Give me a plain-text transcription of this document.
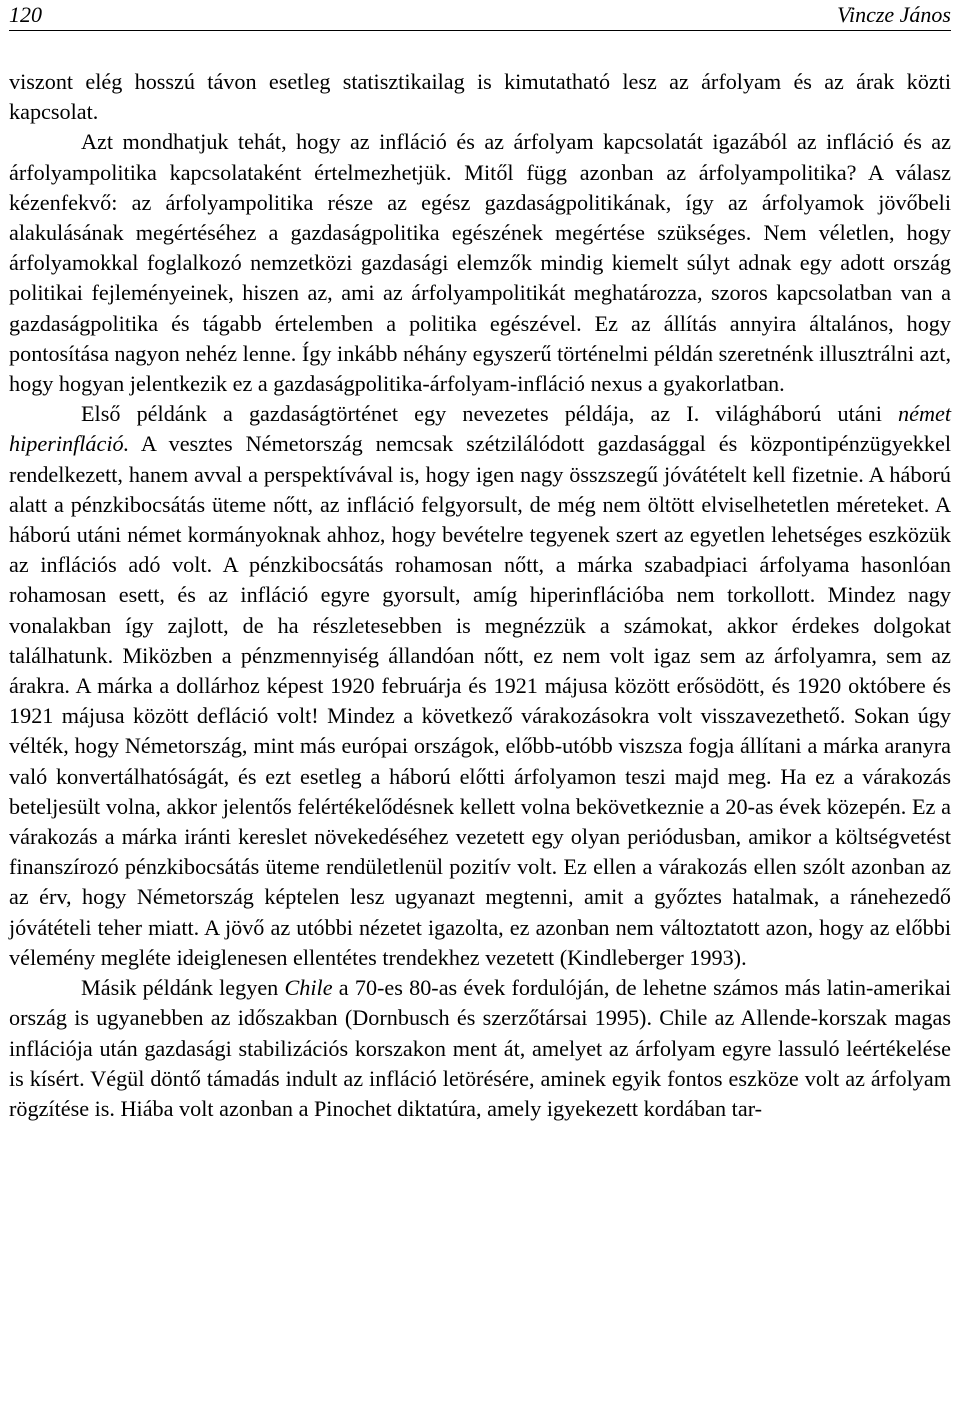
120	Vincze János

viszont elég hosszú távon esetleg statisztikailag is kimutatható lesz az árfolyam és az árak közti kapcsolat.

Azt mondhatjuk tehát, hogy az infláció és az árfolyam kapcsolatát igazából az infláció és az árfolyampolitika kapcsolataként értelmezhetjük. Mitől függ azonban az árfolyampolitika? A válasz kézenfekvő: az árfolyampolitika része az egész gazdaságpolitikának, így az árfolyamok jövőbeli alakulásának megértéséhez a gazdaságpolitika egészének megértése szükséges. Nem véletlen, hogy árfolyamokkal foglalkozó nemzetközi gazdasági elemzők mindig kiemelt súlyt adnak egy adott ország politikai fejleményeinek, hiszen az, ami az árfolyampolitikát meghatározza, szoros kapcsolatban van a gazdaságpolitika és tágabb értelemben a politika egészével. Ez az állítás annyira általános, hogy pontosítása nagyon nehéz lenne. Így inkább néhány egyszerű történelmi példán szeretnénk illusztrálni azt, hogy hogyan jelentkezik ez a gazdaságpolitika-árfolyam-infláció nexus a gyakorlatban.

Első példánk a gazdaságtörténet egy nevezetes példája, az I. világháború utáni német hiperinfláció. A vesztes Németország nemcsak szétzilálódott gazdasággal és központipénzügyekkel rendelkezett, hanem avval a perspektívával is, hogy igen nagy összszegű jóvátételt kell fizetnie. A háború alatt a pénzkibocsátás üteme nőtt, az infláció felgyorsult, de még nem öltött elviselhetetlen méreteket. A háború utáni német kormányoknak ahhoz, hogy bevételre tegyenek szert az egyetlen lehetséges eszközük az inflációs adó volt. A pénzkibocsátás rohamosan nőtt, a márka szabadpiaci árfolyama hasonlóan rohamosan esett, és az infláció egyre gyorsult, amíg hiperinflációba nem torkollott. Mindez nagy vonalakban így zajlott, de ha részletesebben is megnézzük a számokat, akkor érdekes dolgokat találhatunk. Miközben a pénzmennyiség állandóan nőtt, ez nem volt igaz sem az árfolyamra, sem az árakra. A márka a dollárhoz képest 1920 februárja és 1921 májusa között erősödött, és 1920 októbere és 1921 májusa között defláció volt! Mindez a következő várakozásokra volt visszavezethető. Sokan úgy vélték, hogy Németország, mint más európai országok, előbb-utóbb viszsza fogja állítani a márka aranyra való konvertálhatóságát, és ezt esetleg a háború előtti árfolyamon teszi majd meg. Ha ez a várakozás beteljesült volna, akkor jelentős felértékelődésnek kellett volna bekövetkeznie a 20-as évek közepén. Ez a várakozás a márka iránti kereslet növekedéséhez vezetett egy olyan periódusban, amikor a költségvetést finanszírozó pénzkibocsátás üteme rendületlenül pozitív volt. Ez ellen a várakozás ellen szólt azonban az az érv, hogy Németország képtelen lesz ugyanazt megtenni, amit a győztes hatalmak, a ránehezedő jóvátételi teher miatt. A jövő az utóbbi nézetet igazolta, ez azonban nem változtatott azon, hogy az előbbi vélemény megléte ideiglenesen ellentétes trendekhez vezetett (Kindleberger 1993).

Másik példánk legyen Chile a 70-es 80-as évek fordulóján, de lehetne számos más latin-amerikai ország is ugyanebben az időszakban (Dornbusch és szerzőtársai 1995). Chile az Allende-korszak magas inflációja után gazdasági stabilizációs korszakon ment át, amelyet az árfolyam egyre lassuló leértékelése is kísért. Végül döntő támadás indult az infláció letörésére, aminek egyik fontos eszköze volt az árfolyam rögzítése is. Hiába volt azonban a Pinochet diktatúra, amely igyekezett kordában tar-
